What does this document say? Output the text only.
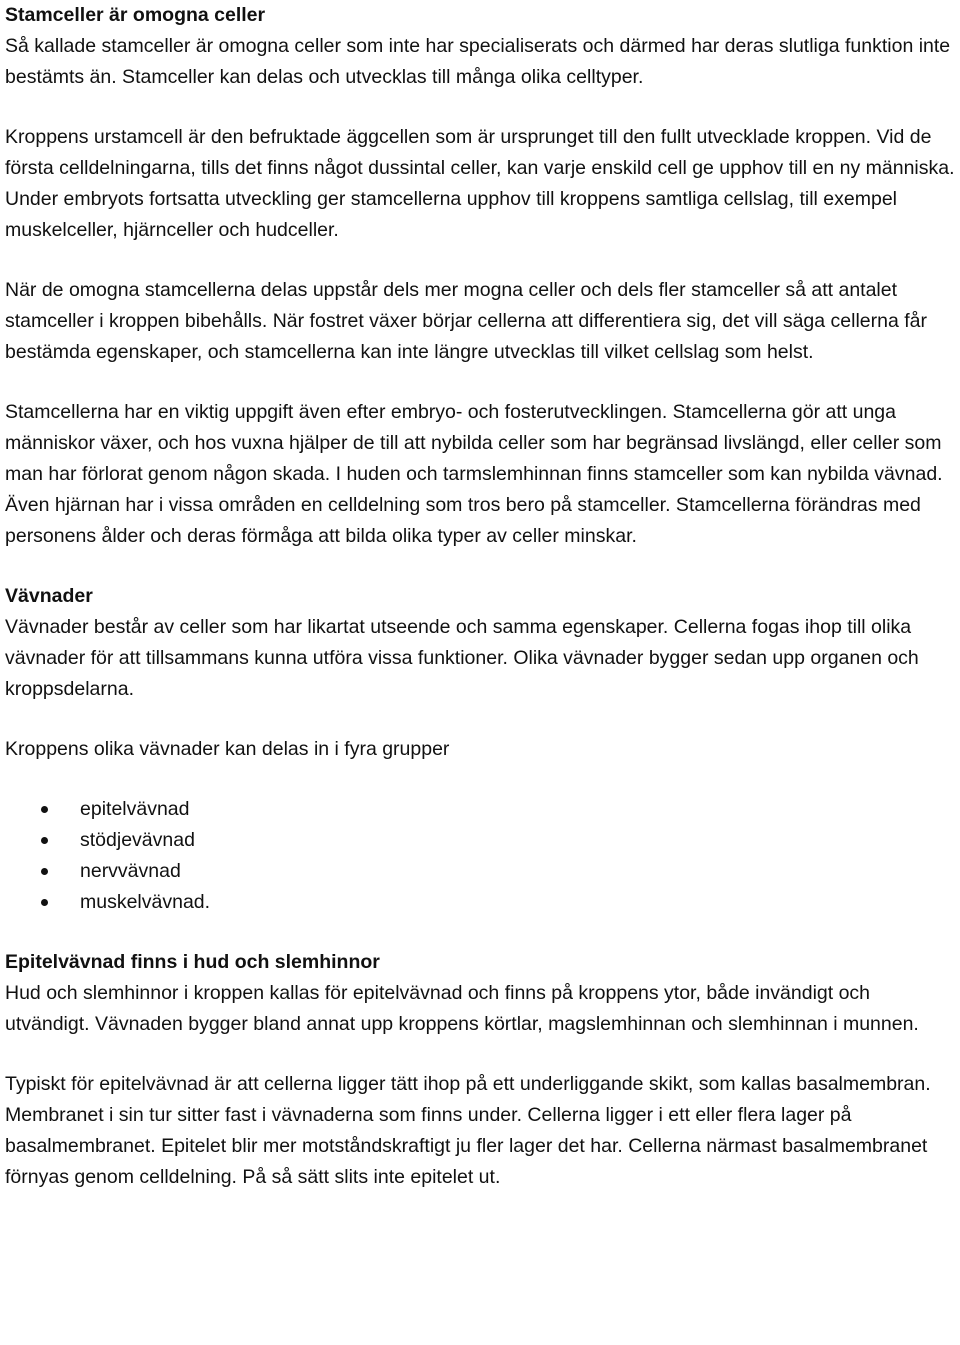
Stamceller är omogna celler

Så kallade stamceller är omogna celler som inte har specialiserats och därmed har deras slutliga funktion inte bestämts än. Stamceller kan delas och utvecklas till många olika celltyper.

Kroppens urstamcell är den befruktade äggcellen som är ursprunget till den fullt utvecklade kroppen. Vid de första celldelningarna, tills det finns något dussintal celler, kan varje enskild cell ge upphov till en ny människa. Under embryots fortsatta utveckling ger stamcellerna upphov till kroppens samtliga cellslag, till exempel muskelceller, hjärnceller och hudceller.

När de omogna stamcellerna delas uppstår dels mer mogna celler och dels fler stamceller så att antalet stamceller i kroppen bibehålls. När fostret växer börjar cellerna att differentiera sig, det vill säga cellerna får bestämda egenskaper, och stamcellerna kan inte längre utvecklas till vilket cellslag som helst.

Stamcellerna har en viktig uppgift även efter embryo- och fosterutvecklingen. Stamcellerna gör att unga människor växer, och hos vuxna hjälper de till att nybilda celler som har begränsad livslängd, eller celler som man har förlorat genom någon skada. I huden och tarmslemhinnan finns stamceller som kan nybilda vävnad. Även hjärnan har i vissa områden en celldelning som tros bero på stamceller. Stamcellerna förändras med personens ålder och deras förmåga att bilda olika typer av celler minskar.

Vävnader

Vävnader består av celler som har likartat utseende och samma egenskaper. Cellerna fogas ihop till olika vävnader för att tillsammans kunna utföra vissa funktioner. Olika vävnader bygger sedan upp organen och kroppsdelarna.

Kroppens olika vävnader kan delas in i fyra grupper

epitelvävnad
stödjevävnad
nervvävnad
muskelvävnad.
Epitelvävnad finns i hud och slemhinnor

Hud och slemhinnor i kroppen kallas för epitelvävnad och finns på kroppens ytor, både invändigt och utvändigt. Vävnaden bygger bland annat upp kroppens körtlar, magslemhinnan och slemhinnan i munnen.

Typiskt för epitelvävnad är att cellerna ligger tätt ihop på ett underliggande skikt, som kallas basalmembran. Membranet i sin tur sitter fast i vävnaderna som finns under. Cellerna ligger i ett eller flera lager på basalmembranet. Epitelet blir mer motståndskraftigt ju fler lager det har. Cellerna närmast basalmembranet förnyas genom celldelning. På så sätt slits inte epitelet ut.
